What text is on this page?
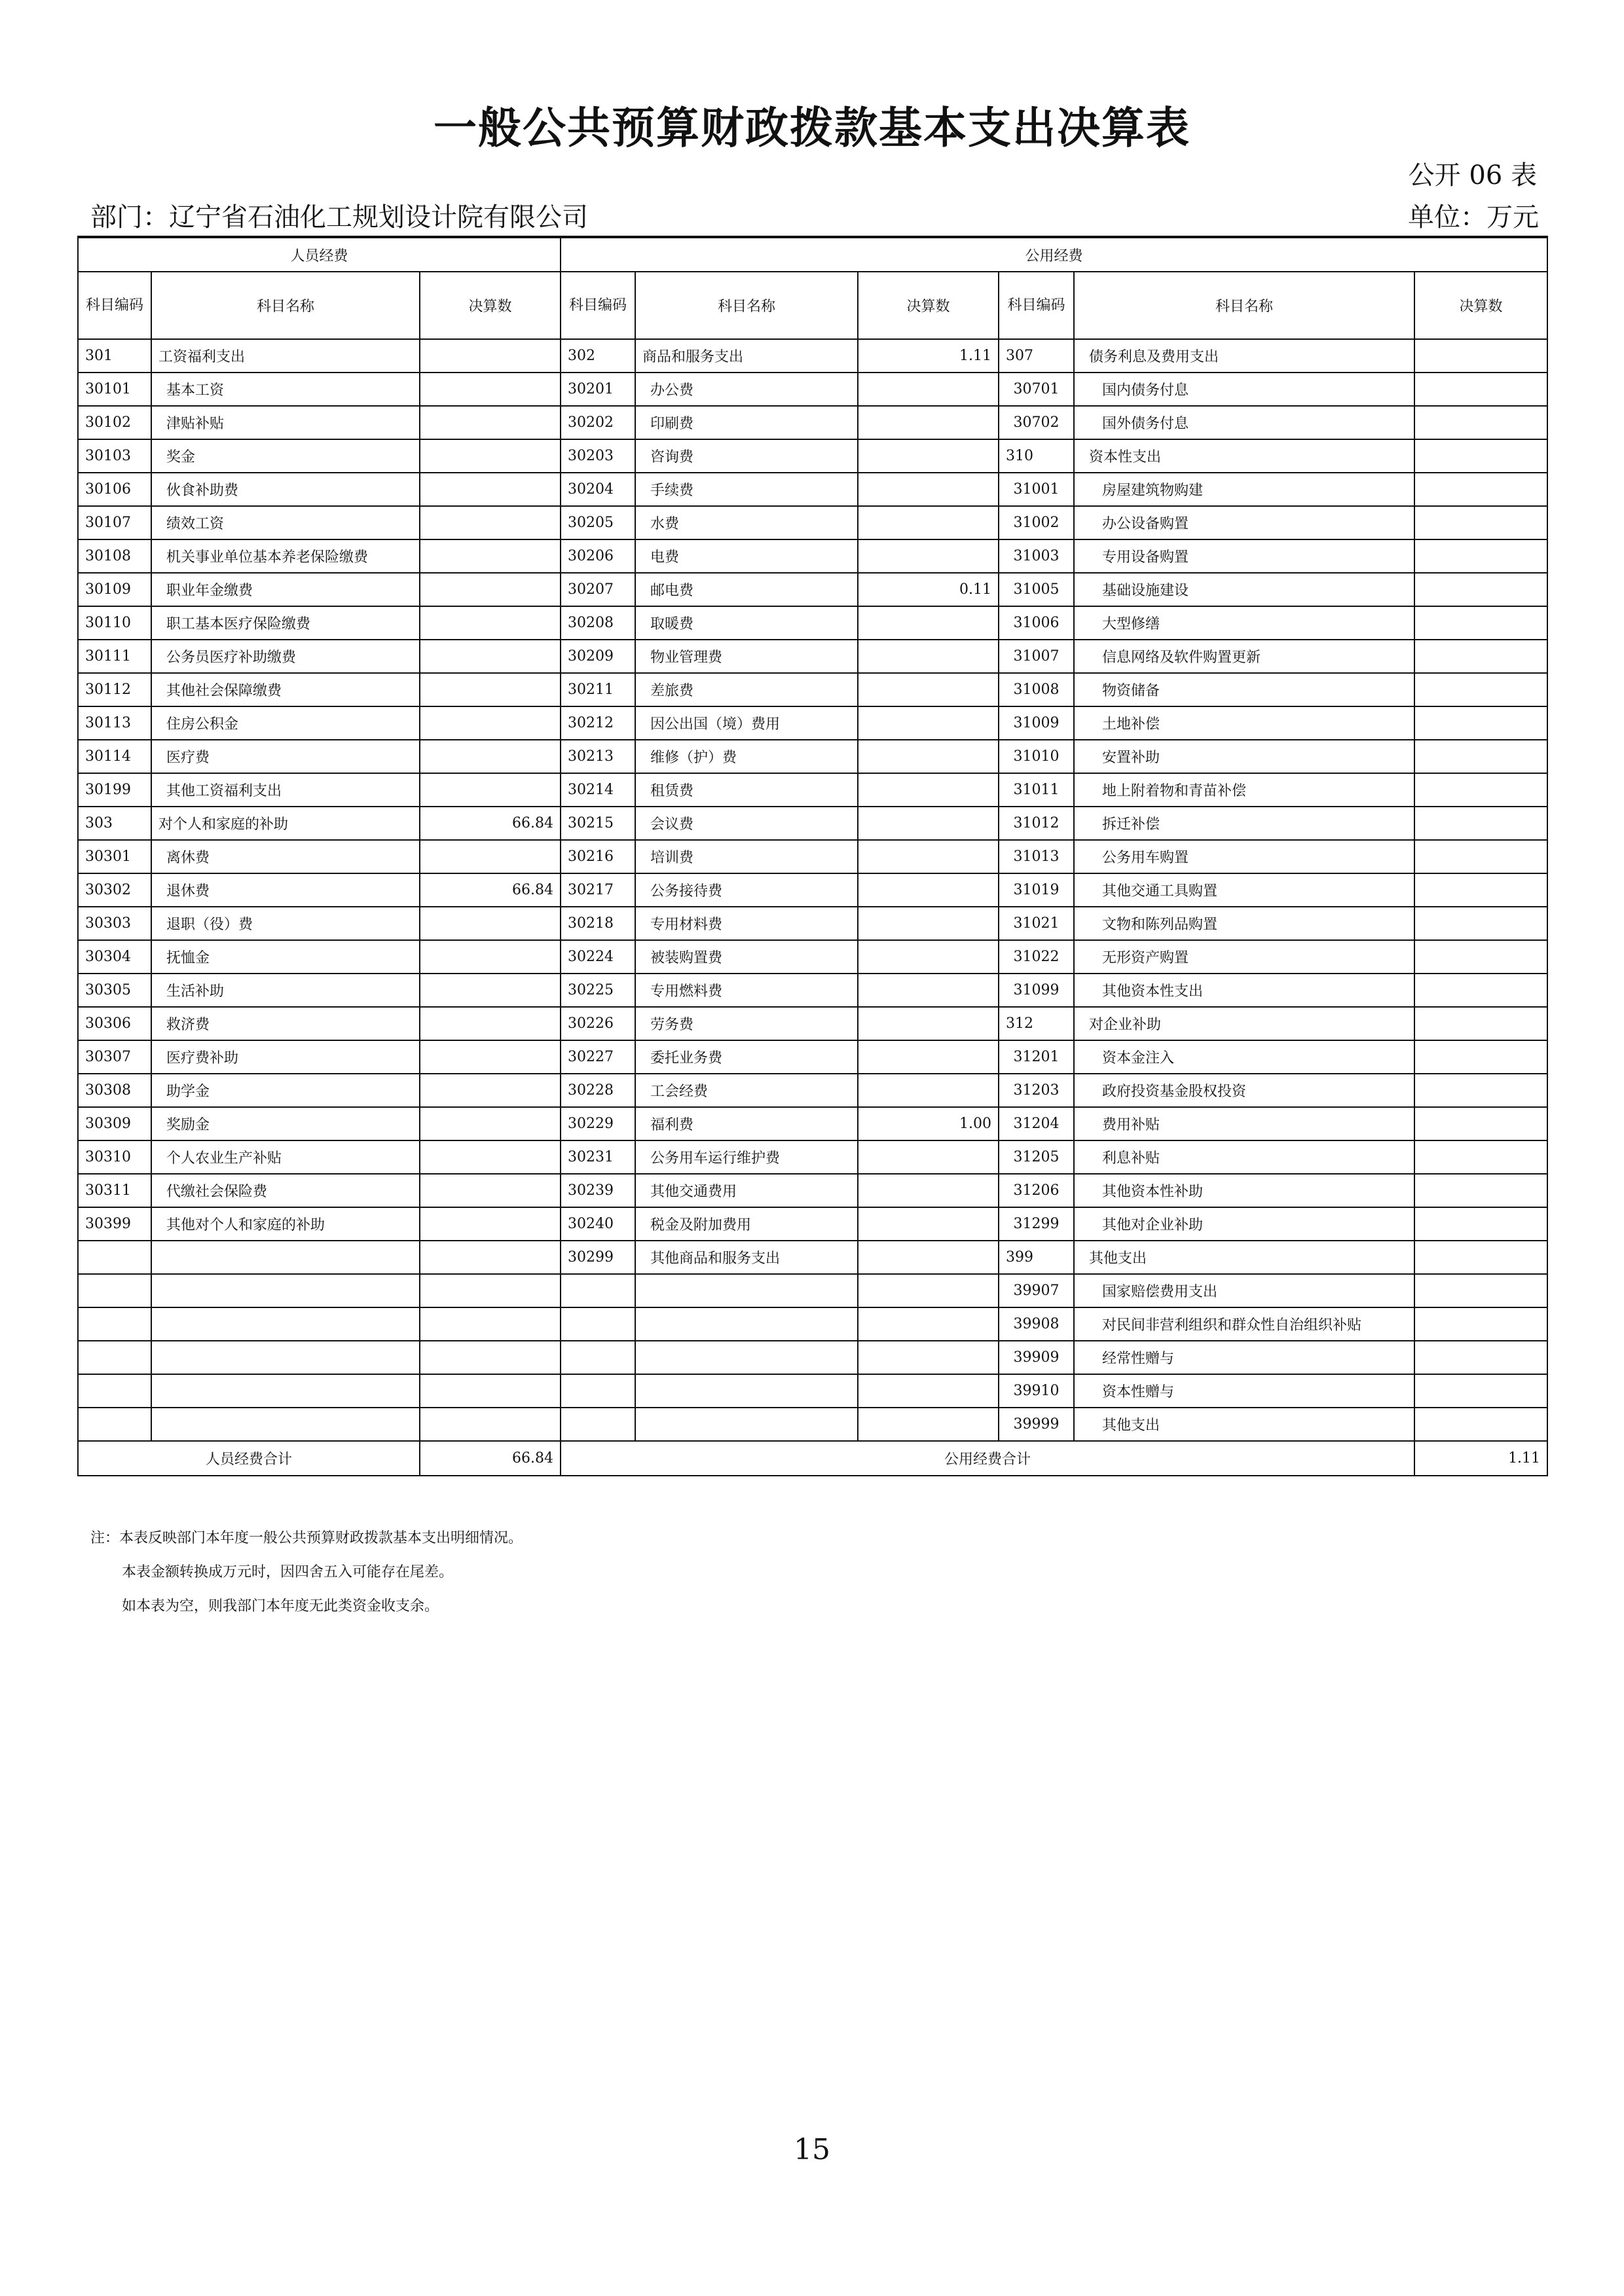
一般公共预算财政拨款基本支出决算表
公开 06 表
部门：辽宁省石油化工规划设计院有限公司	单位：万元
人员经费			公用经费					
科目编码	科目名称	决算数	科目编码	科目名称	决算数	科目编码	科目名称	决算数
301	工资福利支出		302	商品和服务支出	1.11	307	债务利息及费用支出	
30101	基本工资		30201	办公费		30701	国内债务付息	
30102	津贴补贴		30202	印刷费		30702	国外债务付息	
30103	奖金		30203	咨询费		310	资本性支出	
30106	伙食补助费		30204	手续费		31001	房屋建筑物购建	
30107	绩效工资		30205	水费		31002	办公设备购置	
30108	机关事业单位基本养老保险缴费		30206	电费		31003	专用设备购置	
30109	职业年金缴费		30207	邮电费	0.11	31005	基础设施建设	
30110	职工基本医疗保险缴费		30208	取暖费		31006	大型修缮	
30111	公务员医疗补助缴费		30209	物业管理费		31007	信息网络及软件购置更新	
30112	其他社会保障缴费		30211	差旅费		31008	物资储备	
30113	住房公积金		30212	因公出国（境）费用		31009	土地补偿	
30114	医疗费		30213	维修（护）费		31010	安置补助	
30199	其他工资福利支出		30214	租赁费		31011	地上附着物和青苗补偿	
303	对个人和家庭的补助	66.84	30215	会议费		31012	拆迁补偿	
30301	离休费		30216	培训费		31013	公务用车购置	
30302	退休费	66.84	30217	公务接待费		31019	其他交通工具购置	
30303	退职（役）费		30218	专用材料费		31021	文物和陈列品购置	
30304	抚恤金		30224	被装购置费		31022	无形资产购置	
30305	生活补助		30225	专用燃料费		31099	其他资本性支出	
30306	救济费		30226	劳务费		312	对企业补助	
30307	医疗费补助		30227	委托业务费		31201	资本金注入	
30308	助学金		30228	工会经费		31203	政府投资基金股权投资	
30309	奖励金		30229	福利费	1.00	31204	费用补贴	
30310	个人农业生产补贴		30231	公务用车运行维护费		31205	利息补贴	
30311	代缴社会保险费		30239	其他交通费用		31206	其他资本性补助	
30399	其他对个人和家庭的补助		30240	税金及附加费用		31299	其他对企业补助	
			30299	其他商品和服务支出		399	其他支出	
						39907	国家赔偿费用支出	
						39908	对民间非营利组织和群众性自治组织补贴	
						39909	经常性赠与	
						39910	资本性赠与	
						39999	其他支出	
人员经费合计		66.84	公用经费合计					1.11
注：本表反映部门本年度一般公共预算财政拨款基本支出明细情况。
本表金额转换成万元时，因四舍五入可能存在尾差。
如本表为空，则我部门本年度无此类资金收支余。
15
